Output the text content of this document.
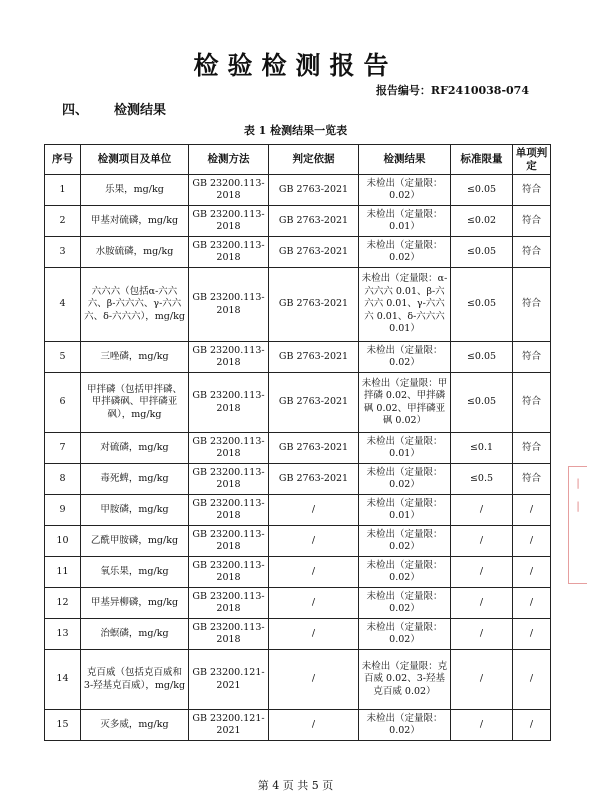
检验检测报告
报告编号：RF2410038-074
四、 检测结果
表 1 检测结果一览表
序号	检测项目及单位	检测方法	判定依据	检测结果	标准限量	单项判定
1	乐果，mg/kg	GB 23200.113-2018	GB 2763-2021	未检出（定量限：0.02）	≤0.05	符合
2	甲基对硫磷，mg/kg	GB 23200.113-2018	GB 2763-2021	未检出（定量限：0.01）	≤0.02	符合
3	水胺硫磷，mg/kg	GB 23200.113-2018	GB 2763-2021	未检出（定量限：0.02）	≤0.05	符合
4	六六六（包括α-六六六、β-六六六、γ-六六六、δ-六六六），mg/kg	GB 23200.113-2018	GB 2763-2021	未检出（定量限：α-六六六 0.01、β-六六六 0.01、γ-六六六 0.01、δ-六六六 0.01）	≤0.05	符合
5	三唑磷，mg/kg	GB 23200.113-2018	GB 2763-2021	未检出（定量限：0.02）	≤0.05	符合
6	甲拌磷（包括甲拌磷、甲拌磷砜、甲拌磷亚砜），mg/kg	GB 23200.113-2018	GB 2763-2021	未检出（定量限：甲拌磷 0.02、甲拌磷砜 0.02、甲拌磷亚砜 0.02）	≤0.05	符合
7	对硫磷，mg/kg	GB 23200.113-2018	GB 2763-2021	未检出（定量限：0.01）	≤0.1	符合
8	毒死蜱，mg/kg	GB 23200.113-2018	GB 2763-2021	未检出（定量限：0.02）	≤0.5	符合
9	甲胺磷，mg/kg	GB 23200.113-2018	/	未检出（定量限：0.01）	/	/
10	乙酰甲胺磷，mg/kg	GB 23200.113-2018	/	未检出（定量限：0.02）	/	/
11	氧乐果，mg/kg	GB 23200.113-2018	/	未检出（定量限：0.02）	/	/
12	甲基异柳磷，mg/kg	GB 23200.113-2018	/	未检出（定量限：0.02）	/	/
13	治螟磷，mg/kg	GB 23200.113-2018	/	未检出（定量限：0.02）	/	/
14	克百威（包括克百威和 3-羟基克百威），mg/kg	GB 23200.121-2021	/	未检出（定量限：克百威 0.02、3-羟基克百威 0.02）	/	/
15	灭多威，mg/kg	GB 23200.121-2021	/	未检出（定量限：0.02）	/	/
第 4 页 共 5 页
|
|
